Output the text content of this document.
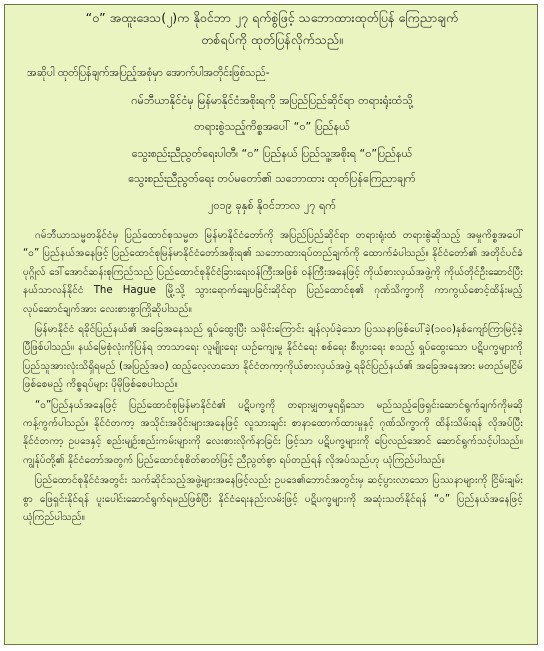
“၀” အထူးဒေသ(၂)က နိုဝင်ဘာ ၂၇ ရက်စွဲဖြင့် သဘောထားထုတ်ပြန် ကြေညာချက်
တစ်ရပ်ကို ထုတ်ပြန်လိုက်သည်။
အဆိုပါ ထုတ်ပြန်ချက်အပြည့်အစုံမှာ အောက်ပါအတိုင်းဖြစ်သည်-
ဂမ်ဘီယာနိုင်ငံမှ မြန်မာနိုင်ငံအစိုးရကို အပြည်ပြည်ဆိုင်ရာ တရားရုံးထံသို့
တရားစွဲသည့်ကိစ္စအပေါ် “၀” ပြည်နယ်
သွေးစည်းညီညွတ်ရေးပါတီ၊ “၀” ပြည်နယ် ပြည်သူ့အစိုးရ “၀”ပြည်နယ်
သွေးစည်းညီညွတ်ရေး တပ်မတော်၏ သဘောထား ထုတ်ပြန်ကြေညာချက်
၂၀၁၉ ခုနှစ် နိုဝင်ဘာလ ၂၇ ရက်

ဂမ်ဘီယာသမ္မတနိုင်ငံမှ ပြည်ထောင်စုသမ္မတ မြန်မာနိုင်ငံတော်ကို အပြည်ပြည်ဆိုင်ရာ တရားရုံးထံ တရားစွဲဆိုသည့် အမှုကိစ္စအပေါ် “၀” ပြည်နယ်အနေဖြင့် ပြည်ထောင်စုမြန်မာနိုင်ငံတော်အစိုးရ၏ သဘောထားရပ်တည်ချက်ကို ထောက်ခံပါသည်။ နိုင်ငံတော်၏ အတိုင်ပင်ခံပုဂ္ဂိုလ် ဒေါ်အောင်ဆန်းစုကြည်သည် ပြည်ထောင်စုနိုင်ငံခြားရေးဝန်ကြီးအဖြစ် ဝန်ကြီးအနေဖြင့် ကိုယ်စားလှယ်အဖွဲ့ကို ကိုယ်တိုင်ဦးဆောင်ပြီး နယ်သာလန်နိုင်ငံ The Hague မြို့သို့ သွားရောက်ချေပခြင်းဆိုင်ရာ ပြည်ထောင်စု၏ ဂုဏ်သိက္ခာကို ကာကွယ်စောင့်ထိန်းမည့် လုပ်ဆောင်ချက်အား လေးစားစွာကြိုဆိုပါသည်။

မြန်မာနိုင်ငံ ရခိုင်ပြည်နယ်၏ အခြေအနေသည် ရှုပ်ထွေးပြီး သမိုင်းကြောင်း ချန်လှပ်ခဲ့သော ပြဿနာဖြစ်ပေါ်ခဲ့(၁၀၀)နှစ်ကျော်ကြာမြင့်ခဲ့ပြီဖြစ်ပါသည်။ နယ်မြေစုံလုံးကိုပြန်ရ ဘာသာရေး လူမျိုးရေး ယဉ်ကျေးမှု နိုင်ငံရေး စစ်ရေး စီးပွားရေး စသည့် ရှုပ်ထွေးသော ပဋိပက္ခများကို ပြည်သူအားလုံးသိရှိရမည် (အပြည့်အဝ) ထည့်လေ့လာသော နိုင်ငံတကာ့ကိုယ်စားလှယ်အဖွဲ့ ရခိုင်ပြည်နယ်၏ အခြေအနေအား မတည်မငြိမ်ဖြစ်စေမည့် ကိစ္စရပ်များ ပိုမိုဖြစ်စေပါသည်။

“၀”ပြည်နယ်အနေဖြင့် ပြည်ထောင်စုမြန်မာနိုင်ငံ၏ ပဋိပက္ခကို တရားမျှတမှုရရှိသော မည်သည့်ဖြေရှင်းဆောင်ရွက်ချက်ကိုမဆို ကန့်ကွက်ပါသည်။ နိုင်ငံတကာ့ အသိုင်းအဝိုင်းများအနေဖြင့် လူသားချင်း စာနာထောက်ထားမှုနှင့် ဂုဏ်သိက္ခာကို ထိန်းသိမ်းရန် လိုအပ်ပြီး နိုင်ငံတကာ့ ဥပဒေနှင့် စည်းမျဉ်းစည်းကမ်းများကို လေးစားလိုက်နာခြင်း ဖြင့်သာ ပဋိပက္ခများကို ပြေလည်အောင် ဆောင်ရွက်သင့်ပါသည်။ ကျွန်ုပ်တို့၏ နိုင်ငံတော်အတွက် ပြည်ထောင်စုစိတ်ဓာတ်ဖြင့် ညီညွတ်စွာ ရပ်တည်ရန် လိုအပ်သည်ဟု ယုံကြည်ပါသည်။

ပြည်ထောင်စုနိုင်ငံအတွင်း သက်ဆိုင်သည့်အဖွဲ့များအနေဖြင့်လည်း ဥပဒေ၏ဘောင်အတွင်းမှ ဆင့်ပွားလာသော ပြဿနာများကို ငြိမ်းချမ်းစွာ ဖြေရှင်းနိုင်ရန် ပူးပေါင်းဆောင်ရွက်ရမည်ဖြစ်ပြီး နိုင်ငံရေးနည်းလမ်းဖြင့် ပဋိပက္ခများကို အဆုံးသတ်နိုင်ရန် “၀” ပြည်နယ်အနေဖြင့် ယုံကြည်ပါသည်။
